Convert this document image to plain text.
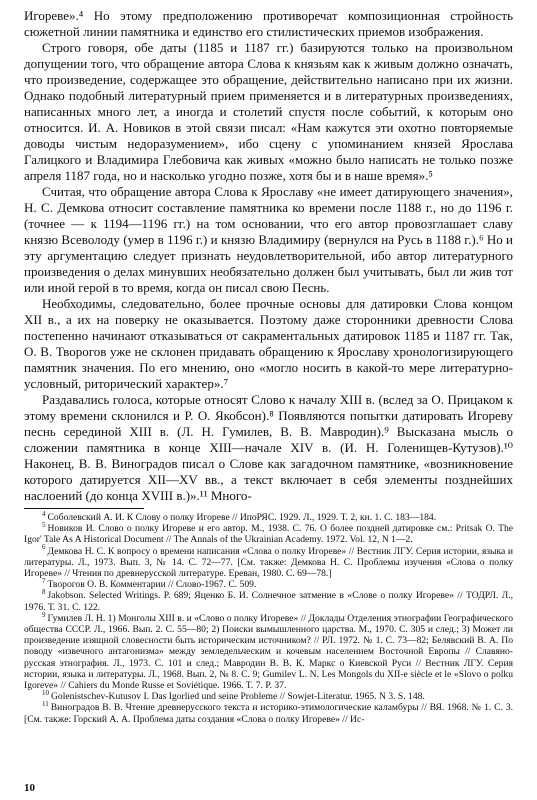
Игореве».⁴ Но этому предположению противоречат композиционная стройность сюжетной линии памятника и единство его стилистических приемов изображения.

Строго говоря, обе даты (1185 и 1187 гг.) базируются только на произвольном допущении того, что обращение автора Слова к князьям как к живым должно означать, что произведение, содержащее это обращение, действительно написано при их жизни. Однако подобный литературный прием применяется и в литературных произведениях, написанных много лет, а иногда и столетий спустя после событий, к которым оно относится. И. А. Новиков в этой связи писал: «Нам кажутся эти охотно повторяемые доводы чистым недоразумением», ибо сцену с упоминанием князей Ярослава Галицкого и Владимира Глебовича как живых «можно было написать не только позже апреля 1187 года, но и насколько угодно позже, хотя бы и в наше время».⁵

Считая, что обращение автора Слова к Ярославу «не имеет датирующего значения», Н. С. Демкова относит составление памятника ко времени после 1188 г., но до 1196 г. (точнее — к 1194—1196 гг.) на том основании, что его автор провозглашает славу князю Всеволоду (умер в 1196 г.) и князю Владимиру (вернулся на Русь в 1188 г.).⁶ Но и эту аргументацию следует признать неудовлетворительной, ибо автор литературного произведения о делах минувших необязательно должен был учитывать, был ли жив тот или иной герой в то время, когда он писал свою Песнь.

Необходимы, следовательно, более прочные основы для датировки Слова концом XII в., а их на поверку не оказывается. Поэтому даже сторонники древности Слова постепенно начинают отказываться от сакраментальных датировок 1185 и 1187 гг. Так, О. В. Творогов уже не склонен придавать обращению к Ярославу хронологизирующего памятник значения. По его мнению, оно «могло носить в какой-то мере литературно-условный, риторический характер».⁷

Раздавались голоса, которые относят Слово к началу XIII в. (вслед за О. Прицаком к этому времени склонился и Р. О. Якобсон).⁸ Появляются попытки датировать Игореву песнь серединой XIII в. (Л. Н. Гумилев, В. В. Мавродин).⁹ Высказана мысль о сложении памятника в конце XIII—начале XIV в. (И. Н. Голенищев-Кутузов).¹⁰ Наконец, В. В. Виноградов писал о Слове как загадочном памятнике, «возникновение которого датируется XII—XV вв., а текст включает в себя элементы позднейших наслоений (до конца XVIII в.)».¹¹ Много-

$^4$ Соболевский А. И. К Слову о полку Игореве // ИпоРЯС. 1929. Л., 1929. Т. 2, кн. 1. С. 183—184.

$^5$ Новиков И. Слово о полку Игореве и его автор. М., 1938. С. 76. О более поздней датировке см.: Pritsak O. The Igor' Tale As A Historical Document // The Annals of the Ukrainian Academy. 1972. Vol. 12, N 1—2.

$^6$ Демкова Н. С. К вопросу о времени написания «Слова о полку Игореве» // Вестник ЛГУ. Серия истории, языка и литературы. Л., 1973. Вып. 3, № 14. С. 72—77. [См. также: Демкова Н. С. Проблемы изучения «Слова о полку Игореве» // Чтения по древнерусской литературе. Ереван, 1980. С. 69—78.]

$^7$ Творогов О. В. Комментарии // Слово-1967. С. 509.

$^8$ Jakobson. Selected Writings. P. 689; Яценко Б. И. Солнечное затмение в «Слове о полку Игореве» // ТОДРЛ. Л., 1976. Т. 31. С. 122.

$^9$ Гумилев Л. Н. 1) Монголы XIII в. и «Слово о полку Игореве» // Доклады Отделения этнографии Географического общества СССР. Л., 1966. Вып. 2. С. 55—80; 2) Поиски вымышленного царства. М., 1970. С. 305 и след.; 3) Может ли произведение изящной словесности быть историческим источником? // РЛ. 1972. № 1. С. 73—82; Белявский В. А. По поводу «извечного антагонизма» между земледельческим и кочевым населением Восточной Европы // Славяно-русская этнография. Л., 1973. С. 101 и след.; Мавродин В. В. К. Маркс о Киевской Руси // Вестник ЛГУ. Серия истории, языка и литературы. Л., 1968. Вып. 2, № 8. С. 9; Gumilev L. N. Les Mongols du XII-e siècle et le «Slovo o polku Igoreve» // Cahiers du Monde Russe et Soviétique. 1966. T. 7. P. 37.

$^{10}$ Golenistschev-Kutusov I. Das Igorlied und seine Probleme // Sowjet-Literatur. 1965. N 3. S. 148.

$^{11}$ Виноградов В. В. Чтение древнерусского текста и историко-этимологические каламбуры // ВЯ. 1968. № 1. С. 3. [См. также: Горский А. А. Проблема даты создания «Слова о полку Игореве» // Ис-

10
